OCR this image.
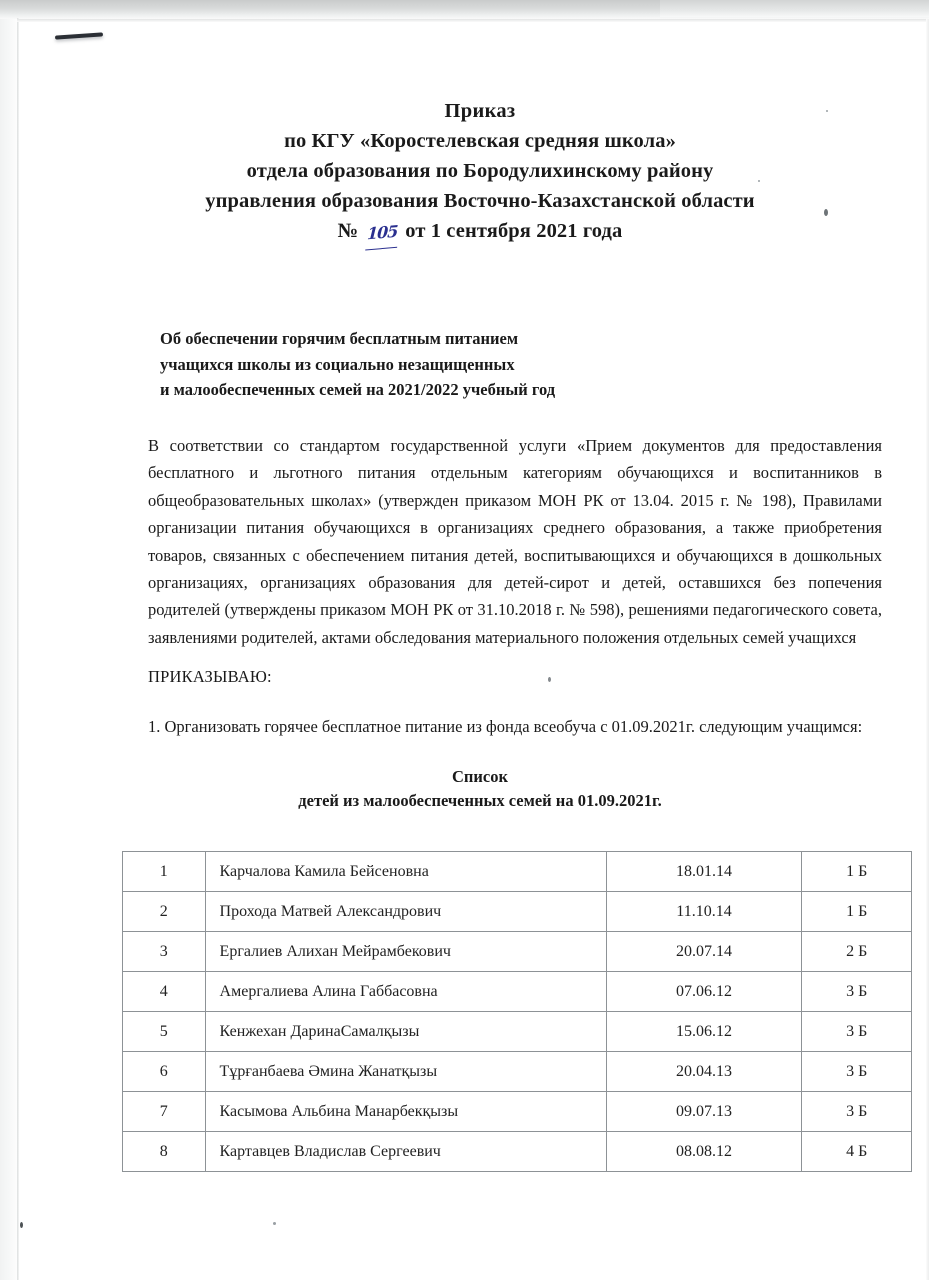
Приказ
по КГУ «Коростелевская средняя школа»
отдела образования по Бородулихинскому району
управления образования Восточно-Казахстанской области
№ 105 от 1 сентября 2021 года
Об обеспечении горячим бесплатным питанием
учащихся школы из социально незащищенных
и малообеспеченных семей на 2021/2022 учебный год
В соответствии со стандартом государственной услуги «Прием документов для предоставления бесплатного и льготного питания отдельным категориям обучающихся и воспитанников в общеобразовательных школах» (утвержден приказом МОН РК от 13.04. 2015 г. № 198), Правилами организации питания обучающихся в организациях среднего образования, а также приобретения товаров, связанных с обеспечением питания детей, воспитывающихся и обучающихся в дошкольных организациях, организациях образования для детей-сирот и детей, оставшихся без попечения родителей (утверждены приказом МОН РК от 31.10.2018 г. № 598), решениями педагогического совета, заявлениями родителей, актами обследования материального положения отдельных семей учащихся
ПРИКАЗЫВАЮ:
1. Организовать горячее бесплатное питание из фонда всеобуча с 01.09.2021г. следующим учащимся:
Список
детей из малообеспеченных семей на 01.09.2021г.
1	Карчалова Камила Бейсеновна	18.01.14	1 Б
2	Прохода Матвей Александрович	11.10.14	1 Б
3	Ергалиев Алихан Мейрамбекович	20.07.14	2 Б
4	Амергалиева Алина Габбасовна	07.06.12	3 Б
5	Кенжехан ДаринаСамалқызы	15.06.12	3 Б
6	Тұрғанбаева Әмина Жанатқызы	20.04.13	3 Б
7	Касымова Альбина Манарбекқызы	09.07.13	3 Б
8	Картавцев Владислав Сергеевич	08.08.12	4 Б
